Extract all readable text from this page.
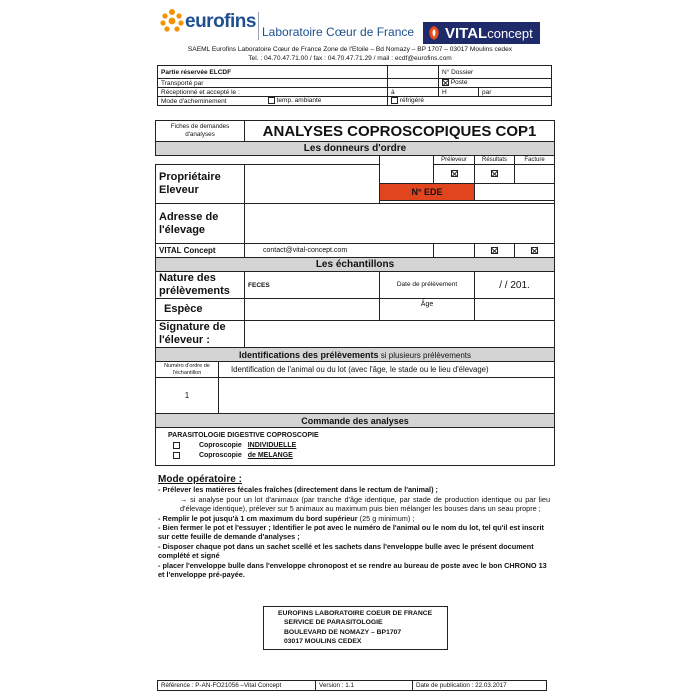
eurofins Laboratoire Cœur de France VITAL concept
SAEML Eurofins Laboratoire Cœur de France Zone de l'Etoile – Bd Nomazy – BP 1707 – 03017 Moulins cedex
Tel. : 04.70.47.71.00 / fax : 04.70.47.71.29 / mail : ecdf@eurofins.com
Partie réservée ELCDF		N° Dossier	
Transporté par		Poste	
Réceptionné et accepté le :	à	H	par
Mode d'acheminement temp. ambiante	réfrigéré		
Fiches de demandes d'analyses		ANALYSES COPROSCOPIQUES COP1				
Les donneurs d'ordre						
				Préleveur	Résultats	Facture
Propriétaire Eleveur						
			N° EDE			

Adresse de l'élevage						
VITAL Concept		contact@vital-concept.com				
Les échantillons						
Nature des prélèvements		FECES	Date de prélèvement		/ / 201.	
Espèce			Âge			
Signature de l'éleveur :						
Identifications des prélèvements si plusieurs prélèvements						
Numéro d'ordre de l'échantillon	Identification de l'animal ou du lot (avec l'âge, le stade ou le lieu d'élevage)					
1						
Commande des analyses						

PARASITOLOGIE DIGESTIVE COPROSCOPIE
Coproscopie INDIVIDUELLE
Coproscopie de MELANGE						
Mode opératoire :
- Prélever les matières fécales fraîches (directement dans le rectum de l'animal) ;
→ si analyse pour un lot d'animaux (par tranche d'âge identique, par stade de production identique ou par lieu d'élevage identique), prélever sur 5 animaux au maximum puis bien mélanger les bouses dans un seau propre ;
- Remplir le pot jusqu'à 1 cm maximum du bord supérieur (25 g minimum) ;
- Bien fermer le pot et l'essuyer ; Identifier le pot avec le numéro de l'animal ou le nom du lot, tel qu'il est inscrit sur cette feuille de demande d'analyses ;
- Disposer chaque pot dans un sachet scellé et les sachets dans l'enveloppe bulle avec le présent document complété et signé
- placer l'enveloppe bulle dans l'enveloppe chronopost et se rendre au bureau de poste avec le bon CHRONO 13 et l'enveloppe pré-payée.
EUROFINS LABORATOIRE COEUR DE FRANCE
SERVICE DE PARASITOLOGIE
BOULEVARD DE NOMAZY – BP1707
03017 MOULINS CEDEX
Référence : P-AN-FO21056 –Vital Concept	Version : 1.1	Date de publication : 22.03.2017
